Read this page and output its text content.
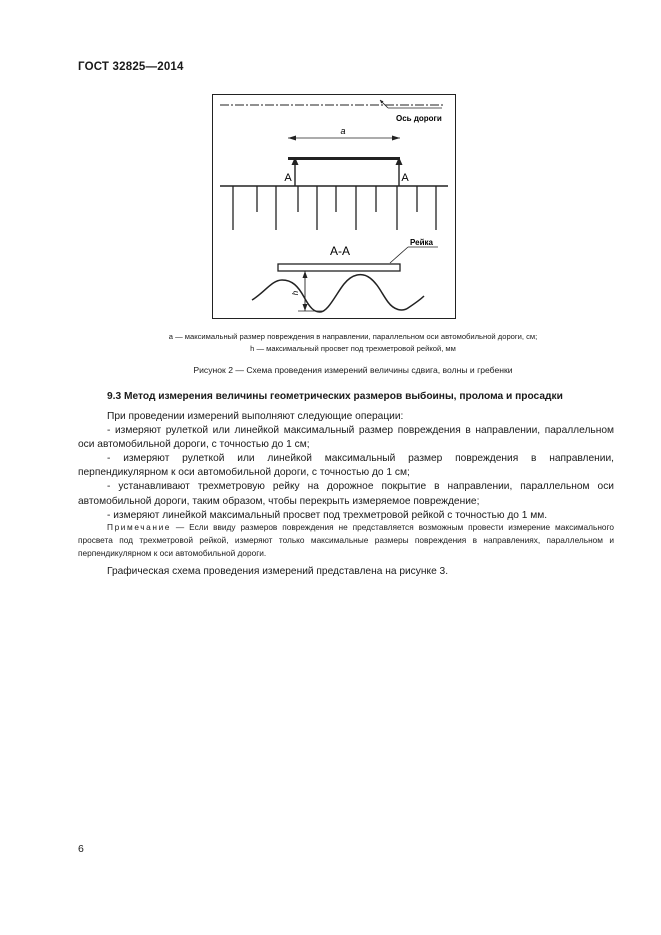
ГОСТ 32825—2014
Ось дороги
a
A	A
A-A
Рейка
h
a — максимальный размер повреждения в направлении, параллельном оси автомобильной дороги, см;
h — максимальный просвет под трехметровой рейкой, мм
Рисунок 2 — Схема проведения измерений величины сдвига, волны и гребенки
9.3 Метод измерения величины геометрических размеров выбоины, пролома и просадки

При проведении измерений выполняют следующие операции:

- измеряют рулеткой или линейкой максимальный размер повреждения в направлении, параллельном оси автомобильной дороги, с точностью до 1 см;

- измеряют рулеткой или линейкой максимальный размер повреждения в направлении, перпендикулярном к оси автомобильной дороги, с точностью до 1 см;

- устанавливают трехметровую рейку на дорожное покрытие в направлении, параллельном оси автомобильной дороги, таким образом, чтобы перекрыть измеряемое повреждение;

- измеряют линейкой максимальный просвет под трехметровой рейкой с точностью до 1 мм.

Примечание — Если ввиду размеров повреждения не представляется возможным провести измерение максимального просвета под трехметровой рейкой, измеряют только максимальные размеры повреждения в направлениях, параллельном и перпендикулярном к оси автомобильной дороги.
Графическая схема проведения измерений представлена на рисунке 3.
6
